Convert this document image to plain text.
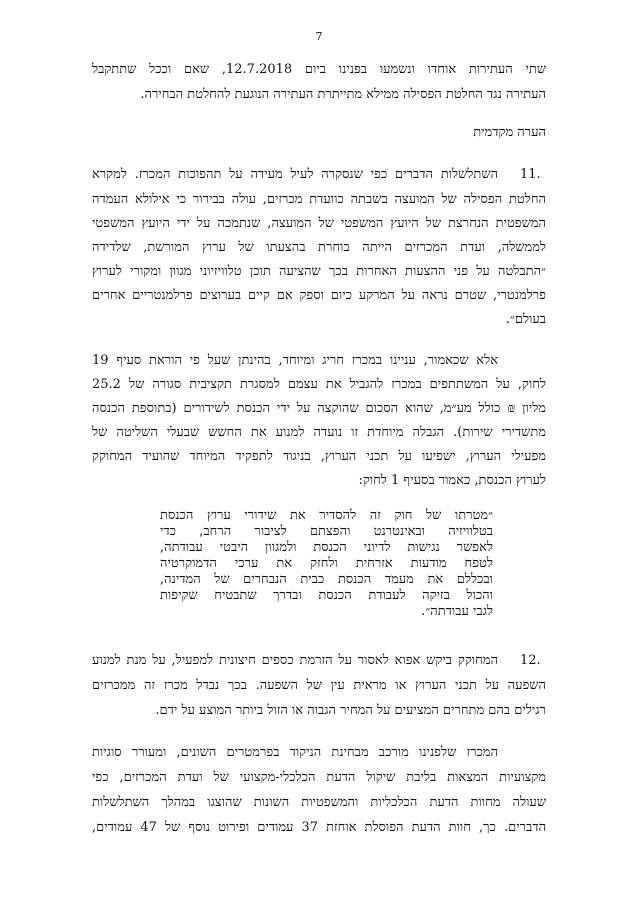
7
שתי העתירות אוחדו ונשמעו בפנינו ביום 12.7.2018, שאם וככל שתתקבל
העתירה נגד החלטת הפסילה ממילא מתייתרת העתירה הנוגעת להחלטת הבחירה.
הערה מקדמית
11.
השתלשלות הדברים כפי שנסקרה לעיל מעידה על תהפוכות המכרז. למקרא
החלטת הפסילה של המועצה בשבתה כוועדת מכרזים, עולה בבירור כי אילולא העמדה
המשפטית הנחרצת של היועץ המשפטי של המועצה, שנתמכה על ידי היועץ המשפטי
לממשלה, ועדת המכרזים הייתה בוחרת בהצעתו של ערוץ המורשת, שלדידה
״התבלטה על פני ההצעות האחרות בכך שהציעה תוכן טלוויזיוני מגוון ומקורי לערוץ
פרלמנטרי, שטרם נראה על המרקע כיום וספק אם קיים בערוצים פרלמנטריים אחרים
בעולם״.
אלא שכאמור, עניינו במכרז חריג ומיוחד, בהינתן שעל פי הוראת סעיף 19
לחוק, על המשתתפים במכרז להגביל את עצמם למסגרת תקציבית סגורה של 25.2
מליון ₪ כולל מע״מ, שהוא הסכום שהוקצה על ידי הכנסת לשידורים (בתוספת הכנסה
מתשדירי שירות). הגבלה מיוחדת זו נועדה למנוע את החשש שבעלי השליטה של
מפעילי הערוץ, ישפיעו על תכני הערוץ, בניגוד לתפקיד המיוחד שהועיד המחוקק
לערוץ הכנסת, כאמור בסעיף 1 לחוק:
״מטרתו של חוק זה להסדיר את שידורי ערוץ הכנסת
בטלוויזיה ובאינטרנט והפצתם לציבור הרחב, כדי
לאפשר נגישות לדיוני הכנסת ולמגוון היבטי עבודתה,
לטפח מודעות אזרחית ולחזק את ערכי הדמוקרטיה
ובכללם את מעמד הכנסת כבית הנבחרים של המדינה,
והכול בזיקה לעבודת הכנסת ובדרך שתבטיח שקיפות
לגבי עבודתה״.
12.
המחוקק ביקש אפוא לאסור על הזרמת כספים חיצונית למפעיל, על מנת למנוע
השפעה על תכני הערוץ או מראית עין של השפעה. בכך נבדל מכרז זה ממכרזים
רגילים בהם מתחרים המציעים על המחיר הגבוה או הזול ביותר המוצע על ידם.
המכרז שלפנינו מורכב מבחינת הניקוד בפרמטרים השונים, ומעורר סוגיות
מקצועיות המצאות בליבת שיקול הדעת הכלכלי-מקצועי של ועדת המכרזים, כפי
שעולה מחוות הדעת הכלכליות והמשפטיות השונות שהוצגו במהלך השתלשלות
הדברים. כך, חוות הדעת הפוסלת אוחזת 37 עמודים ופירוט נוסף של 47 עמודים,
